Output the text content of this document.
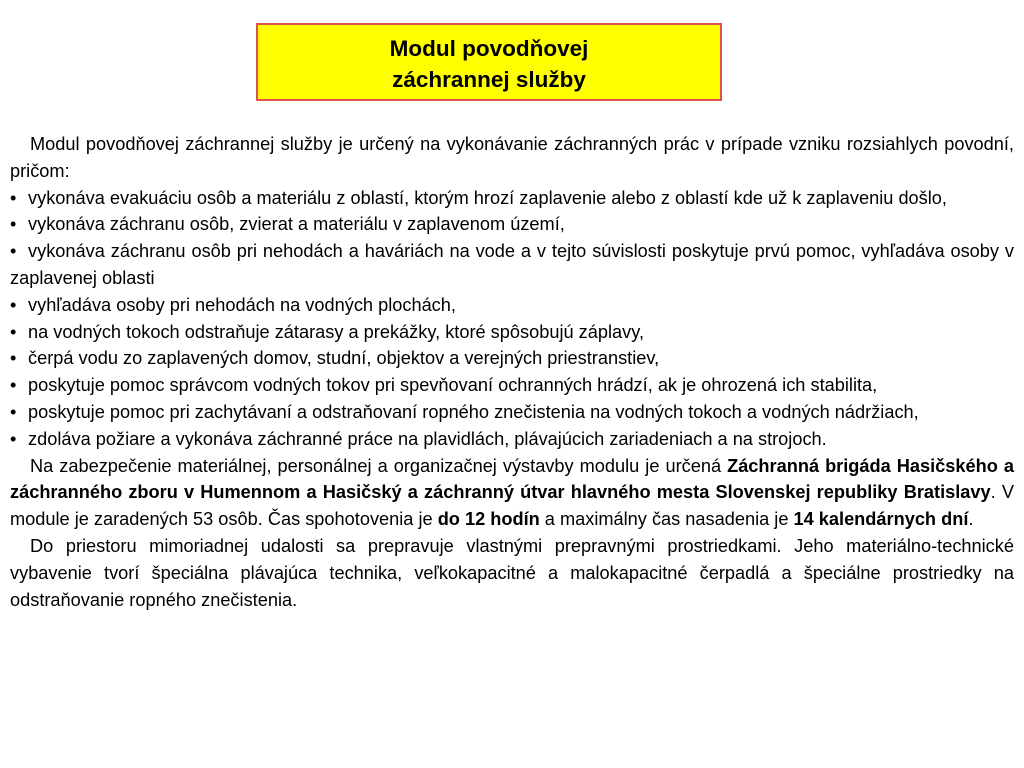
Modul povodňovej
záchrannej služby

Modul povodňovej záchrannej služby je určený na vykonávanie záchranných prác v prípade vzniku rozsiahlych povodní, pričom:

• vykonáva evakuáciu osôb a materiálu z oblastí, ktorým hrozí zaplavenie alebo z oblastí kde už k zaplaveniu došlo,

• vykonáva záchranu osôb, zvierat a materiálu v zaplavenom území,

• vykonáva záchranu osôb pri nehodách a haváriách na vode a v tejto súvislosti poskytuje prvú pomoc, vyhľadáva osoby v zaplavenej oblasti

• vyhľadáva osoby pri nehodách na vodných plochách,

• na vodných tokoch odstraňuje zátarasy a prekážky, ktoré spôsobujú záplavy,

• čerpá vodu zo zaplavených domov, studní, objektov a verejných priestranstiev,

• poskytuje pomoc správcom vodných tokov pri spevňovaní ochranných hrádzí, ak je ohrozená ich stabilita,

• poskytuje pomoc pri zachytávaní a odstraňovaní ropného znečistenia na vodných tokoch a vodných nádržiach,

• zdoláva požiare a vykonáva záchranné práce na plavidlách, plávajúcich zariadeniach a na strojoch.

Na zabezpečenie materiálnej, personálnej a organizačnej výstavby modulu je určená Záchranná brigáda Hasičského a záchranného zboru v Humennom a Hasičský a záchranný útvar hlavného mesta Slovenskej republiky Bratislavy. V module je zaradených 53 osôb. Čas spohotovenia je do 12 hodín a maximálny čas nasadenia je 14 kalendárnych dní.

Do priestoru mimoriadnej udalosti sa prepravuje vlastnými prepravnými prostriedkami. Jeho materiálno-technické vybavenie tvorí špeciálna plávajúca technika, veľkokapacitné a malokapacitné čerpadlá a špeciálne prostriedky na odstraňovanie ropného znečistenia.
